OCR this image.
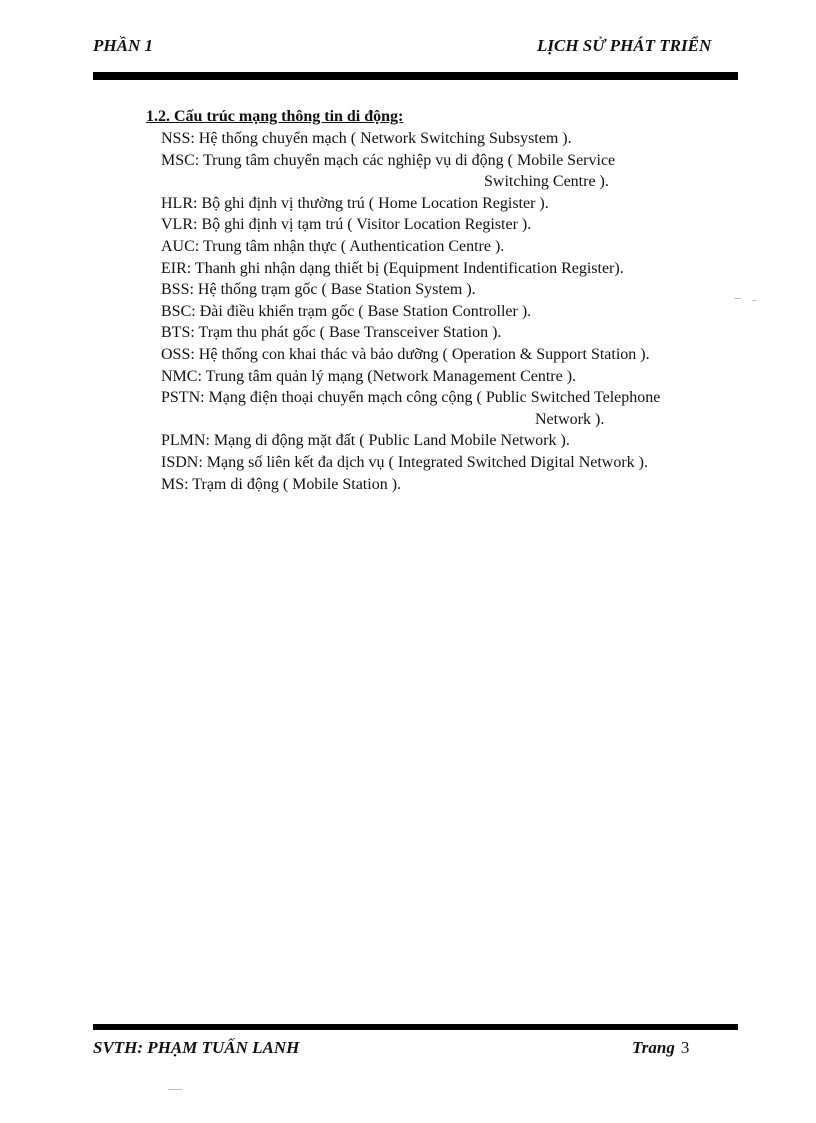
PHẦN 1	LỊCH SỬ PHÁT TRIỂN
1.2. Cấu trúc mạng thông tin di động:
NSS: Hệ thống chuyển mạch ( Network Switching Subsystem ).
MSC: Trung tâm chuyển mạch các nghiệp vụ di động ( Mobile Service
Switching Centre ).
HLR: Bộ ghi định vị thường trú ( Home Location Register ).
VLR: Bộ ghi định vị tạm trú ( Visitor Location Register ).
AUC: Trung tâm nhận thực ( Authentication Centre ).
EIR: Thanh ghi nhận dạng thiết bị (Equipment Indentification Register).
BSS: Hệ thống trạm gốc ( Base Station System ).
BSC: Đài điều khiển trạm gốc ( Base Station Controller ).
BTS: Trạm thu phát gốc ( Base Transceiver Station ).
OSS: Hệ thống con khai thác và bảo dưỡng ( Operation & Support Station ).
NMC: Trung tâm quản lý mạng (Network Management Centre ).
PSTN: Mạng điện thoại chuyển mạch công cộng ( Public Switched Telephone
Network ).
PLMN: Mạng di động mặt đất ( Public Land Mobile Network ).
ISDN: Mạng số liên kết đa dịch vụ ( Integrated Switched Digital Network ).
MS: Trạm di động ( Mobile Station ).
SVTH: PHẠM TUẤN LANH	Trang 3
